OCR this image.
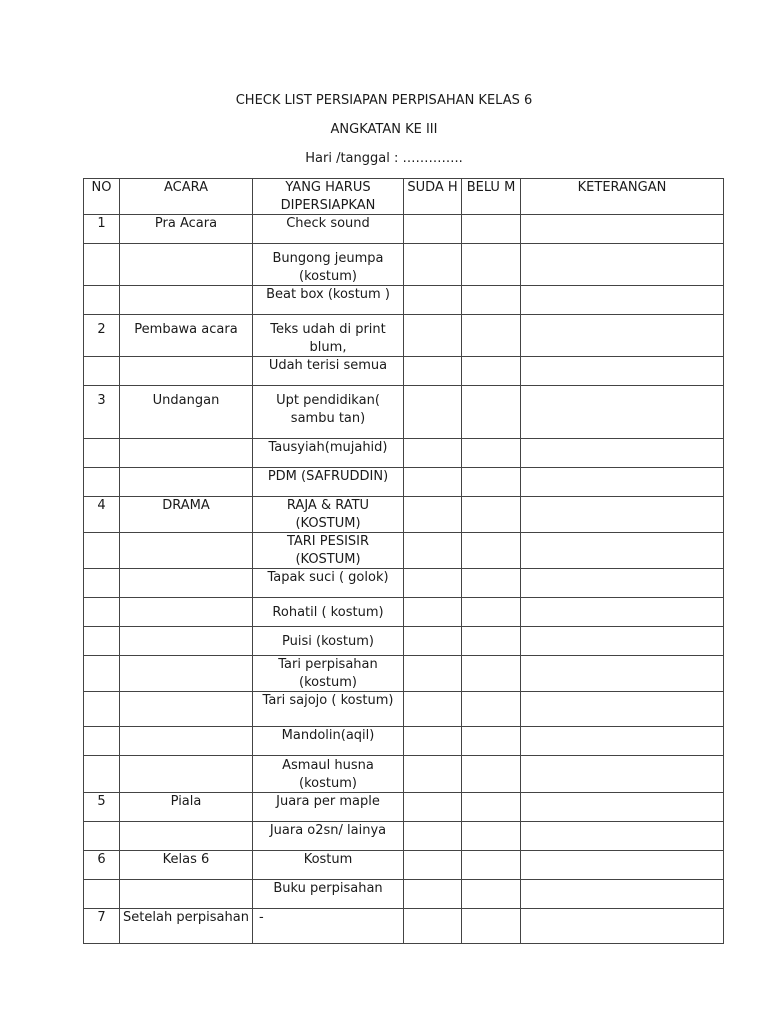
CHECK LIST PERSIAPAN PERPISAHAN KELAS 6
ANGKATAN KE III
Hari /tanggal : …………..
NO	ACARA	YANG HARUS DIPERSIAPKAN	SUDA H	BELU M	KETERANGAN
1	Pra Acara	Check sound			
		Bungong jeumpa (kostum)			
		Beat box (kostum )			
2	Pembawa acara	Teks udah di print blum,			
		Udah terisi semua			
3	Undangan	Upt pendidikan( sambu tan)			
		Tausyiah(mujahid)			
		PDM (SAFRUDDIN)			
4	DRAMA	RAJA & RATU (KOSTUM)			
		TARI PESISIR (KOSTUM)			
		Tapak suci ( golok)			
		Rohatil ( kostum)			
		Puisi (kostum)			
		Tari perpisahan (kostum)			
		Tari sajojo ( kostum)			
		Mandolin(aqil)			
		Asmaul husna (kostum)			
5	Piala	Juara per maple			
		Juara o2sn/ lainya			
6	Kelas 6	Kostum			
		Buku perpisahan			
7	Setelah perpisahan	-			
